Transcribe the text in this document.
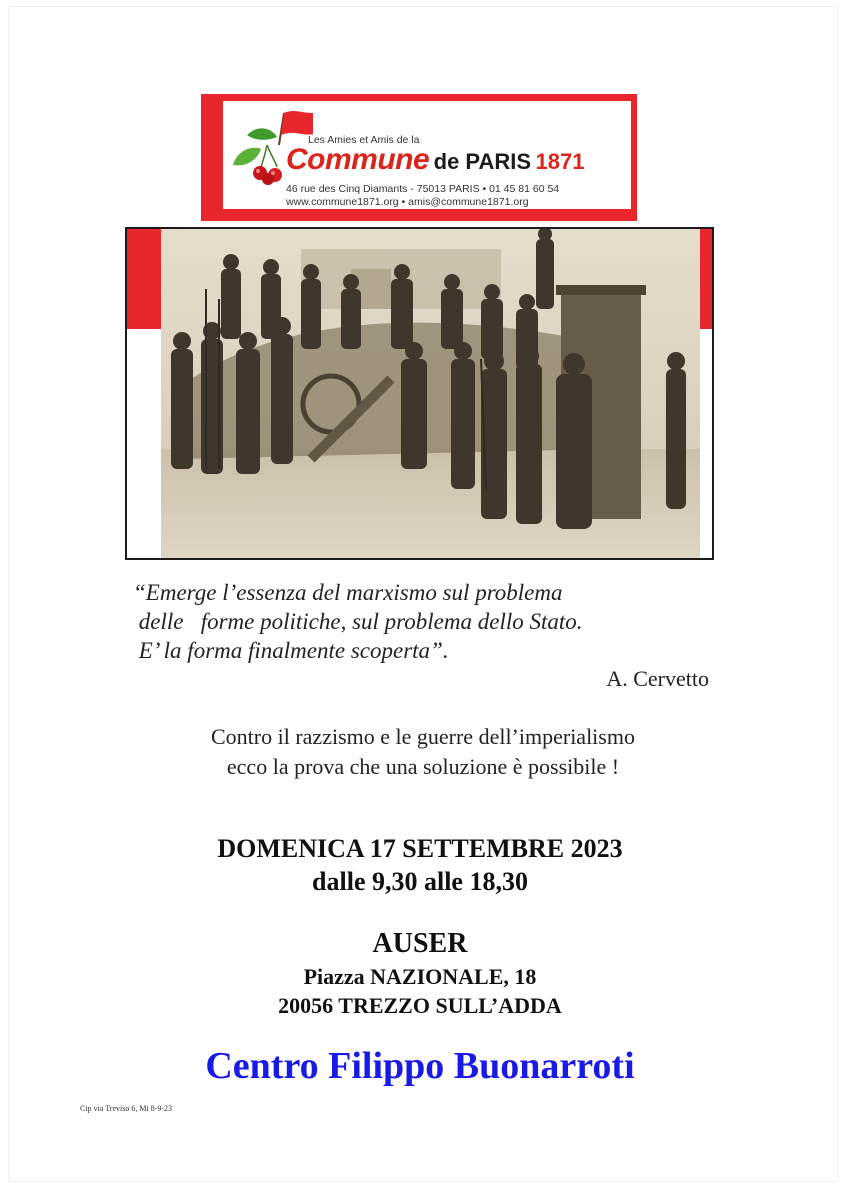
Les Amies et Amis de la
Commune de PARIS 1871
46 rue des Cinq Diamants - 75013 PARIS • 01 45 81 60 54
www.commune1871.org • amis@commune1871.org
“Emerge l’essenza del marxismo sul problema
delle   forme politiche, sul problema dello Stato.
E’ la forma finalmente scoperta”.
A. Cervetto
Contro il razzismo e le guerre dell’imperialismo
ecco la prova che una soluzione è possibile !
DOMENICA 17 SETTEMBRE 2023
dalle 9,30 alle 18,30
AUSER
Piazza NAZIONALE, 18
20056 TREZZO SULL’ADDA
Centro Filippo Buonarroti
Cip via Treviso 6, Mi 8-9-23
